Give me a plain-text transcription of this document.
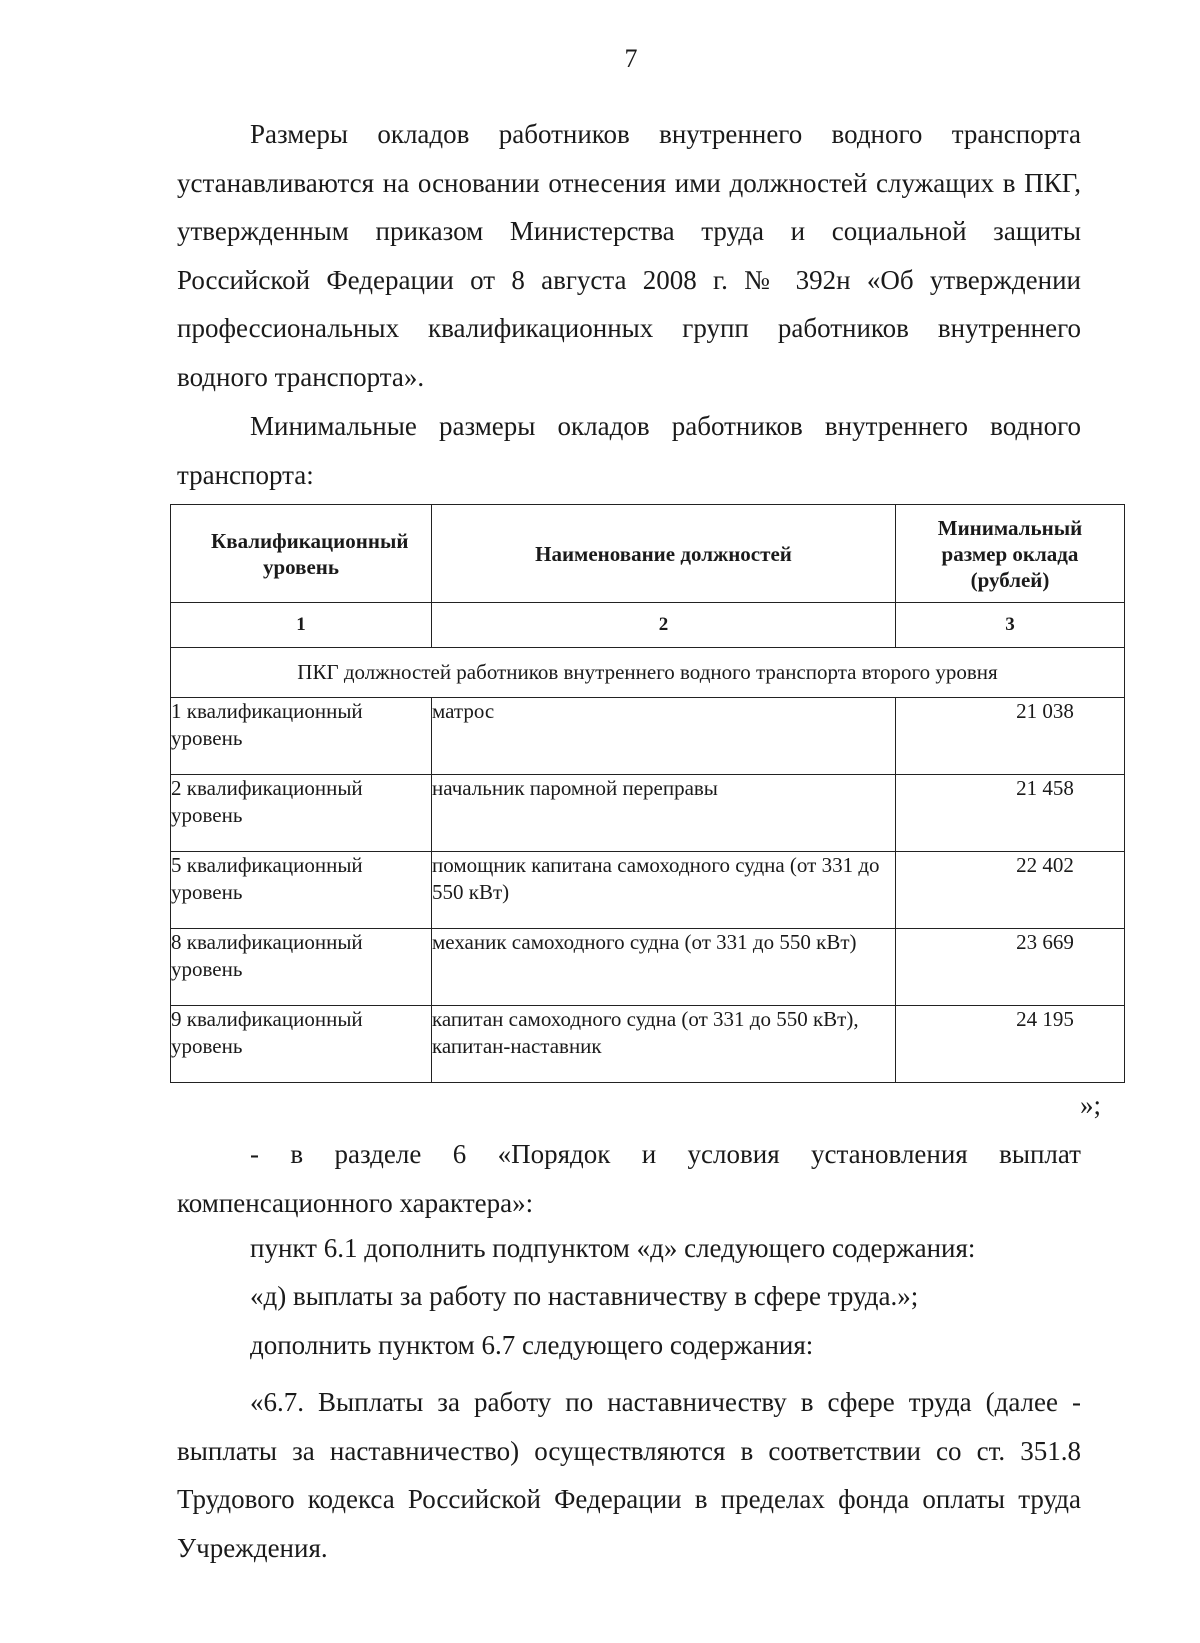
7

Размеры окладов работников внутреннего водного транспорта устанавливаются на основании отнесения ими должностей служащих в ПКГ, утвержденным приказом Министерства труда и социальной защиты Российской Федерации от 8 августа 2008 г. № 392н «Об утверждении профессиональных квалификационных групп работников внутреннего водного транспорта».

Минимальные размеры окладов работников внутреннего водного транспорта:

Квалификационный уровень	Наименование должностей	Минимальный размер оклада (рублей)
1	2	3
ПКГ должностей работников внутреннего водного транспорта второго уровня		
1 квалификационный уровень	матрос	21 038
2 квалификационный уровень	начальник паромной переправы	21 458
5 квалификационный уровень	помощник капитана самоходного судна (от 331 до 550 кВт)	22 402
8 квалификационный уровень	механик самоходного судна (от 331 до 550 кВт)	23 669
9 квалификационный уровень	капитан самоходного судна (от 331 до 550 кВт), капитан-наставник	24 195
»;

- в разделе 6 «Порядок и условия установления выплат компенсационного характера»:

пункт 6.1 дополнить подпунктом «д» следующего содержания:
«д) выплаты за работу по наставничеству в сфере труда.»;
дополнить пунктом 6.7 следующего содержания:

«6.7. Выплаты за работу по наставничеству в сфере труда (далее - выплаты за наставничество) осуществляются в соответствии со ст. 351.8 Трудового кодекса Российской Федерации в пределах фонда оплаты труда Учреждения.
